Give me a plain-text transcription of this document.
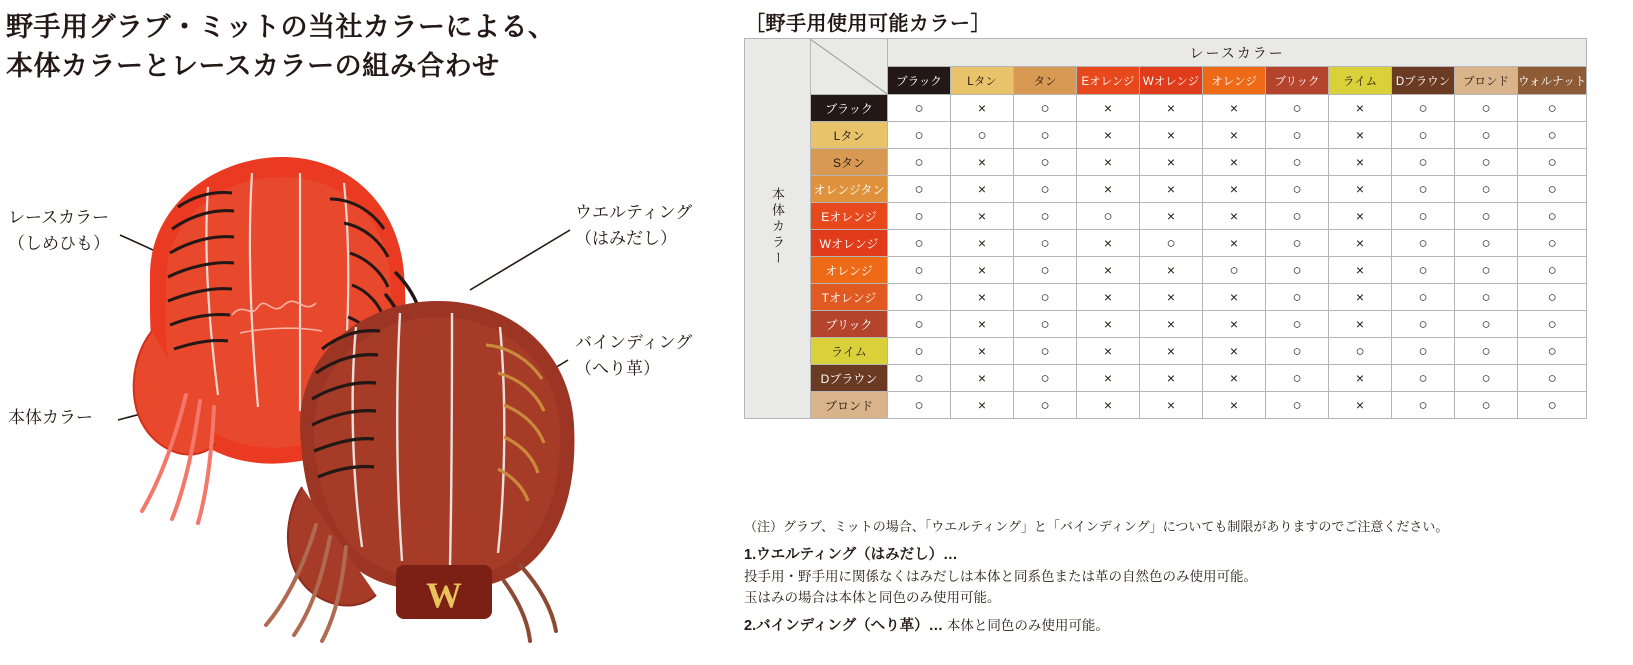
野手用グラブ・ミットの当社カラーによる、
本体カラーとレースカラーの組み合わせ
W
レースカラー
（しめひも）
本体カラー
ウエルティング
（はみだし）
バインディング
（へり革）
［野手用使用可能カラー］
本体カラー		レースカラー										
		ブラック	Lタン	タン	Eオレンジ	Wオレンジ	オレンジ	ブリック	ライム	Dブラウン	ブロンド	ウォルナット
	ブラック	○	×	○	×	×	×	○	×	○	○	○
	Lタン	○	○	○	×	×	×	○	×	○	○	○
	Sタン	○	×	○	×	×	×	○	×	○	○	○
	オレンジタン	○	×	○	×	×	×	○	×	○	○	○
	Eオレンジ	○	×	○	○	×	×	○	×	○	○	○
	Wオレンジ	○	×	○	×	○	×	○	×	○	○	○
	オレンジ	○	×	○	×	×	○	○	×	○	○	○
	Tオレンジ	○	×	○	×	×	×	○	×	○	○	○
	ブリック	○	×	○	×	×	×	○	×	○	○	○
	ライム	○	×	○	×	×	×	○	○	○	○	○
	Dブラウン	○	×	○	×	×	×	○	×	○	○	○
	ブロンド	○	×	○	×	×	×	○	×	○	○	○
（注）グラブ、ミットの場合、「ウエルティング」と「バインディング」についても制限がありますのでご注意ください。
1.ウエルティング（はみだし）…
投手用・野手用に関係なくはみだしは本体と同系色または革の自然色のみ使用可能。
玉はみの場合は本体と同色のみ使用可能。
2.バインディング（へり革）… 本体と同色のみ使用可能。
